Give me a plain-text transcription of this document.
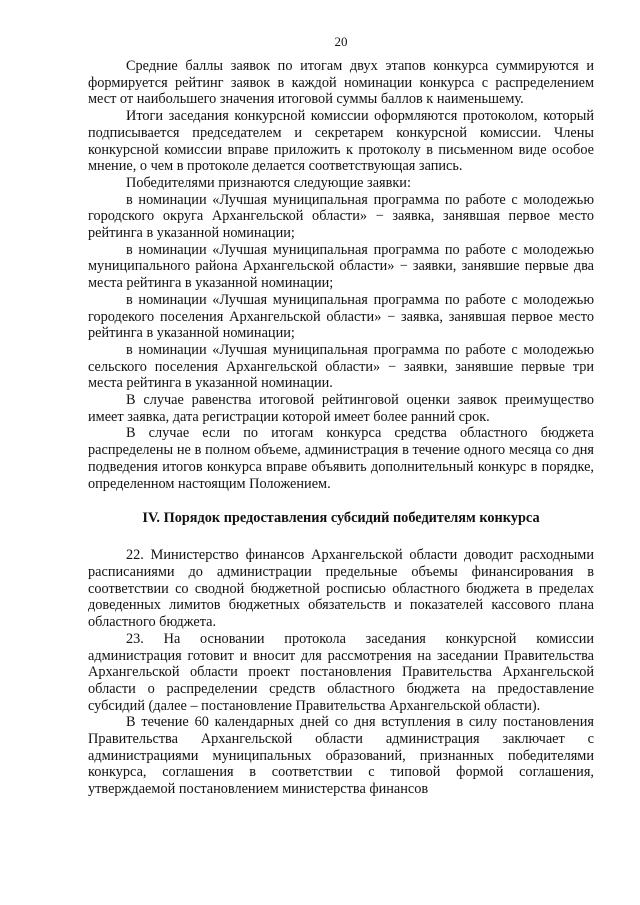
20

Средние баллы заявок по итогам двух этапов конкурса суммируются и формируется рейтинг заявок в каждой номинации конкурса с распределением мест от наибольшего значения итоговой суммы баллов к наименьшему.

Итоги заседания конкурсной комиссии оформляются протоколом, который подписывается председателем и секретарем конкурсной комиссии. Члены конкурсной комиссии вправе приложить к протоколу в письменном виде особое мнение, о чем в протоколе делается соответствующая запись.

Победителями признаются следующие заявки:

в номинации «Лучшая муниципальная программа по работе с молодежью городского округа Архангельской области» − заявка, занявшая первое место рейтинга в указанной номинации;

в номинации «Лучшая муниципальная программа по работе с молодежью муниципального района Архангельской области» − заявки, занявшие первые два места рейтинга в указанной номинации;

в номинации «Лучшая муниципальная программа по работе с молодежью городекого поселения Архангельской области» − заявка, занявшая первое место рейтинга в указанной номинации;

в номинации «Лучшая муниципальная программа по работе с молодежью сельского поселения Архангельской области» − заявки, занявшие первые три места рейтинга в указанной номинации.

В случае равенства итоговой рейтинговой оценки заявок преимущество имеет заявка, дата регистрации которой имеет более ранний срок.

В случае если по итогам конкурса средства областного бюджета распределены не в полном объеме, администрация в течение одного месяца со дня подведения итогов конкурса вправе объявить дополнительный конкурс в порядке, определенном настоящим Положением.

IV. Порядок предоставления субсидий победителям конкурса

22. Министерство финансов Архангельской области доводит расходными расписаниями до администрации предельные объемы финансирования в соответствии со сводной бюджетной росписью областного бюджета в пределах доведенных лимитов бюджетных обязательств и показателей кассового плана областного бюджета.

23. На основании протокола заседания конкурсной комиссии администрация готовит и вносит для рассмотрения на заседании Правительства Архангельской области проект постановления Правительства Архангельской области о распределении средств областного бюджета на предоставление субсидий (далее – постановление Правительства Архангельской области).

В течение 60 календарных дней со дня вступления в силу постановления Правительства Архангельской области администрация заключает с администрациями муниципальных образований, признанных победителями конкурса, соглашения в соответствии с типовой формой соглашения, утверждаемой постановлением министерства финансов
